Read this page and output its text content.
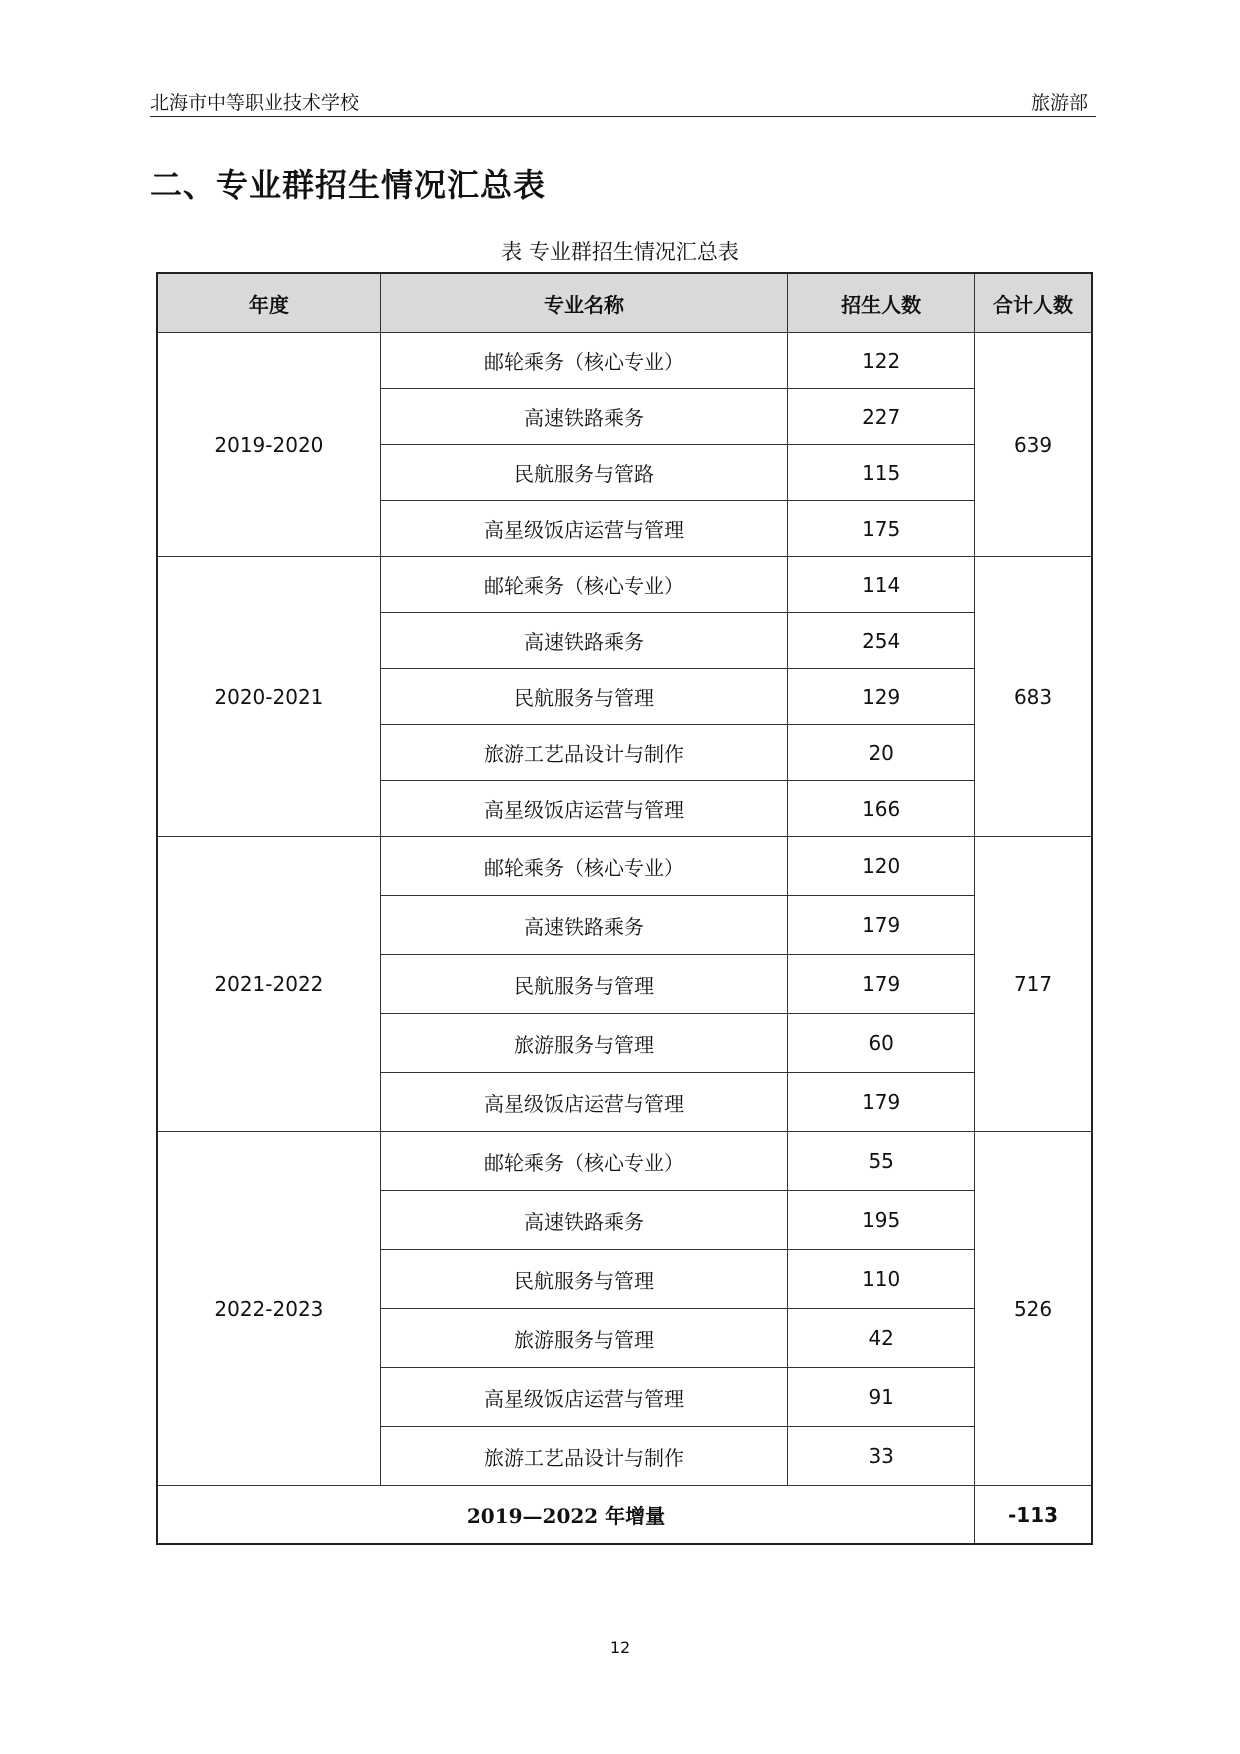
北海市中等职业技术学校	旅游部
二、专业群招生情况汇总表
表 专业群招生情况汇总表
年度	专业名称	招生人数	合计人数
2019-2020	邮轮乘务（核心专业）	122	639
	高速铁路乘务	227	
	民航服务与管路	115	
	高星级饭店运营与管理	175	
2020-2021	邮轮乘务（核心专业）	114	683
	高速铁路乘务	254	
	民航服务与管理	129	
	旅游工艺品设计与制作	20	
	高星级饭店运营与管理	166	
2021-2022	邮轮乘务（核心专业）	120	717
	高速铁路乘务	179	
	民航服务与管理	179	
	旅游服务与管理	60	
	高星级饭店运营与管理	179	
2022-2023	邮轮乘务（核心专业）	55	526
	高速铁路乘务	195	
	民航服务与管理	110	
	旅游服务与管理	42	
	高星级饭店运营与管理	91	
	旅游工艺品设计与制作	33	
2019—2022 年增量			-113
12
